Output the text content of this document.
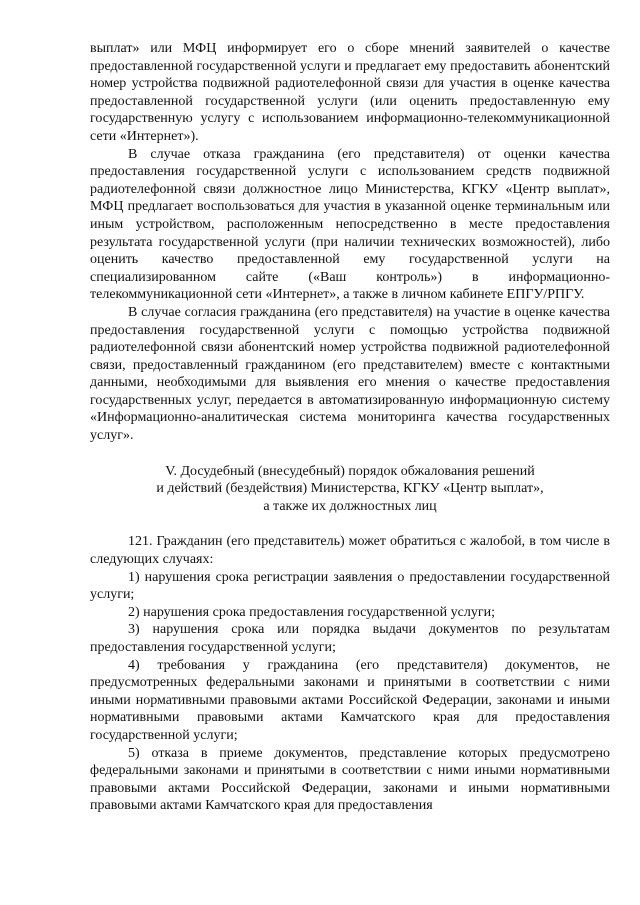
выплат» или МФЦ информирует его о сборе мнений заявителей о качестве предоставленной государственной услуги и предлагает ему предоставить абонентский номер устройства подвижной радиотелефонной связи для участия в оценке качества предоставленной государственной услуги (или оценить предоставленную ему государственную услугу с использованием информационно-телекоммуникационной сети «Интернет»).

В случае отказа гражданина (его представителя) от оценки качества предоставления государственной услуги с использованием средств подвижной радиотелефонной связи должностное лицо Министерства, КГКУ «Центр выплат», МФЦ предлагает воспользоваться для участия в указанной оценке терминальным или иным устройством, расположенным непосредственно в месте предоставления результата государственной услуги (при наличии технических возможностей), либо оценить качество предоставленной ему государственной услуги на специализированном сайте («Ваш контроль») в информационно-телекоммуникационной сети «Интернет», а также в личном кабинете ЕПГУ/РПГУ.

В случае согласия гражданина (его представителя) на участие в оценке качества предоставления государственной услуги с помощью устройства подвижной радиотелефонной связи абонентский номер устройства подвижной радиотелефонной связи, предоставленный гражданином (его представителем) вместе с контактными данными, необходимыми для выявления его мнения о качестве предоставления государственных услуг, передается в автоматизированную информационную систему «Информационно-аналитическая система мониторинга качества государственных услуг».

V. Досудебный (внесудебный) порядок обжалования решений

и действий (бездействия) Министерства, КГКУ «Центр выплат»,

а также их должностных лиц

121. Гражданин (его представитель) может обратиться с жалобой, в том числе в следующих случаях:

1) нарушения срока регистрации заявления о предоставлении государственной услуги;

2) нарушения срока предоставления государственной услуги;

3) нарушения срока или порядка выдачи документов по результатам предоставления государственной услуги;

4) требования у гражданина (его представителя) документов, не предусмотренных федеральными законами и принятыми в соответствии с ними иными нормативными правовыми актами Российской Федерации, законами и иными нормативными правовыми актами Камчатского края для предоставления государственной услуги;

5) отказа в приеме документов, представление которых предусмотрено федеральными законами и принятыми в соответствии с ними иными нормативными правовыми актами Российской Федерации, законами и иными нормативными правовыми актами Камчатского края для предоставления
